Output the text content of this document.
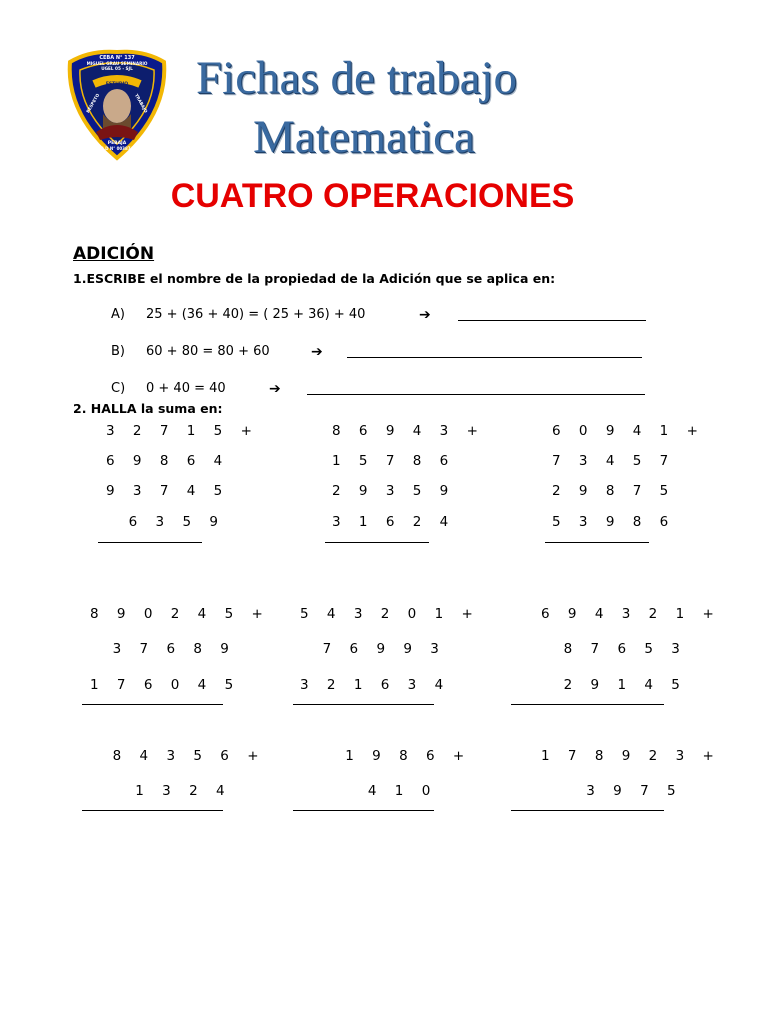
CEBA N° 137
MIGUEL GRAU SEMINARIO
UGEL 05 - SJL
ESTUDIO
RESPETO	TRABAJO
PEBAJA
R D N° 003874
Fichas de trabajo
Matematica
CUATRO OPERACIONES
ADICIÓN
1.ESCRIBE el nombre de la propiedad de la Adición que se aplica en:
A) 25 + (36 + 40) = ( 25 + 36) + 40	➔
B) 60 + 80 = 80 + 60	➔
C) 0 + 40 = 40	➔
2. HALLA la suma en:
3 2 7 1 5 +
6 9 8 6 4
9 3 7 4 5
6 3 5 9
8 6 9 4 3 +
1 5 7 8 6
2 9 3 5 9
3 1 6 2 4
6 0 9 4 1 +
7 3 4 5 7
2 9 8 7 5
5 3 9 8 6
8 9 0 2 4 5 +
3 7 6 8 9
1 7 6 0 4 5
5 4 3 2 0 1 +
7 6 9 9 3
3 2 1 6 3 4
6 9 4 3 2 1 +
8 7 6 5 3
2 9 1 4 5
8 4 3 5 6 +
1 3 2 4
1 9 8 6 +
4 1 0
1 7 8 9 2 3 +
3 9 7 5
